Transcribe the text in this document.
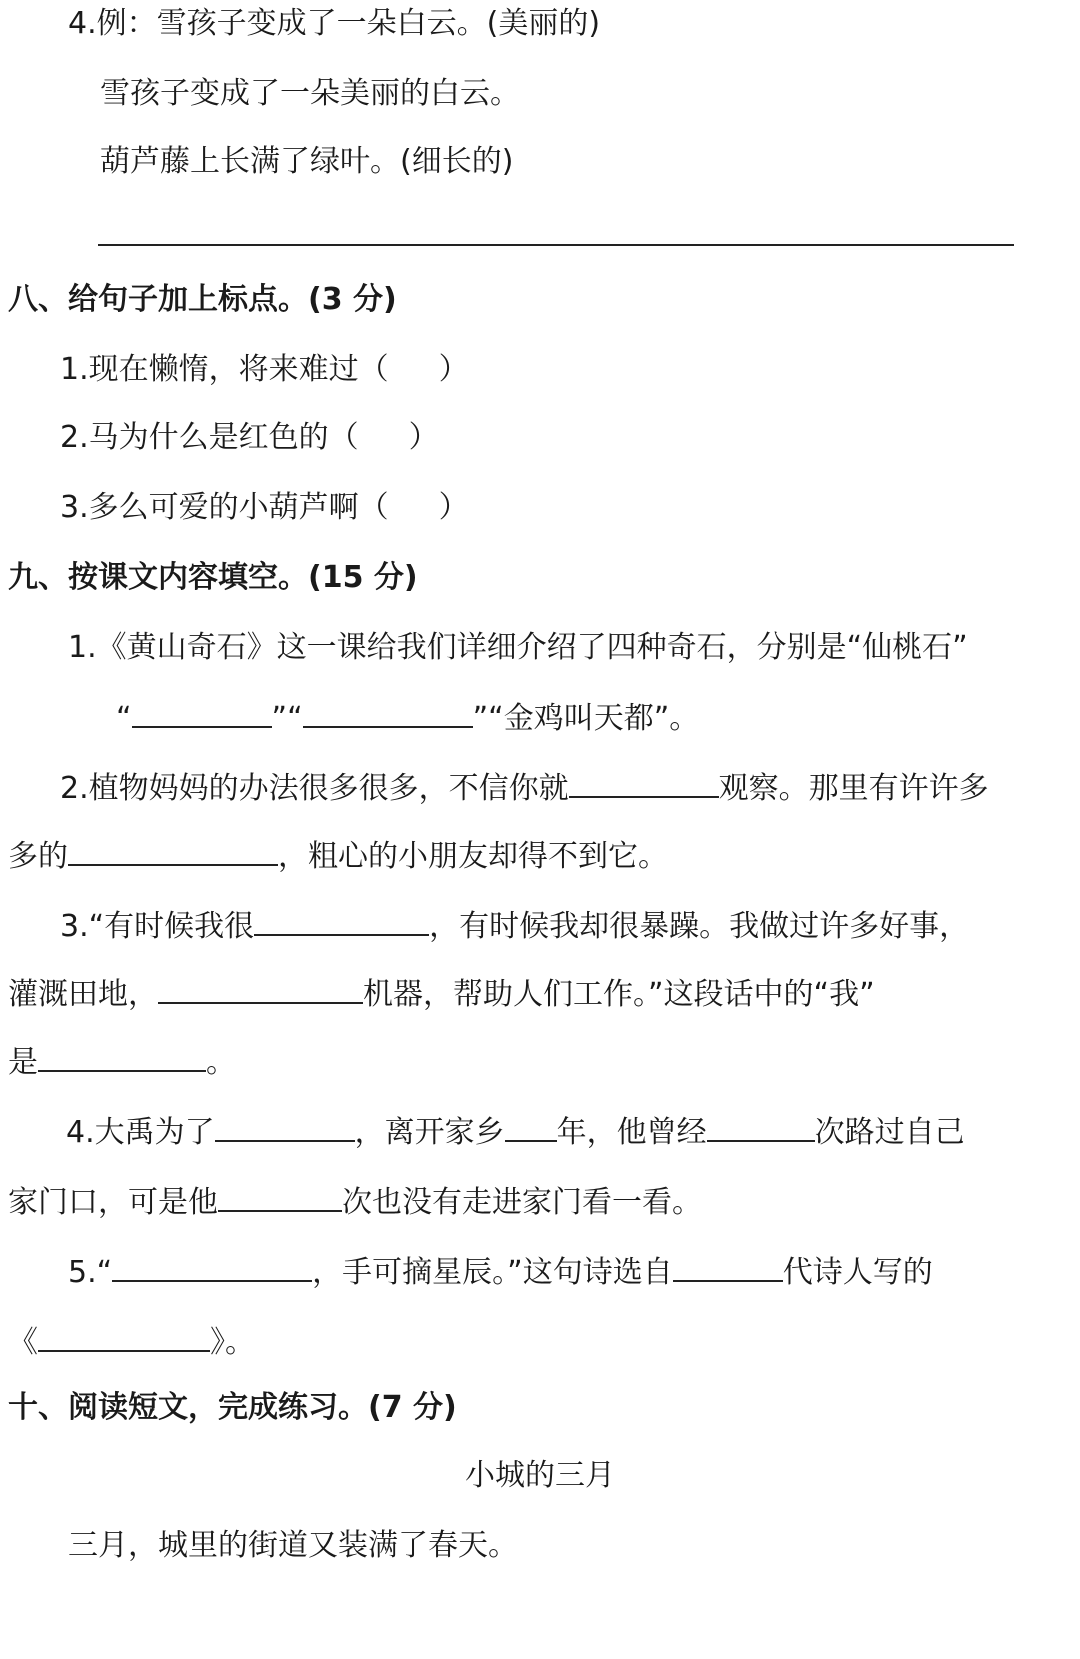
4.例：雪孩子变成了一朵白云。(美丽的)
雪孩子变成了一朵美丽的白云。
葫芦藤上长满了绿叶。(细长的)
八、给句子加上标点。(3 分)
1.现在懒惰，将来难过（ ）
2.马为什么是红色的（ ）
3.多么可爱的小葫芦啊（ ）
九、按课文内容填空。(15 分)
1.《黄山奇石》这一课给我们详细介绍了四种奇石，分别是“仙桃石”
“	”“	”“金鸡叫天都”。
2.植物妈妈的办法很多很多，不信你就	观察。那里有许许多
多的	，粗心的小朋友却得不到它。
3.“有时候我很	，有时候我却很暴躁。我做过许多好事，
灌溉田地，	机器，帮助人们工作。”这段话中的“我”
是	。
4.大禹为了	，离开家乡 年，他曾经	次路过自己
家门口，可是他	次也没有走进家门看一看。
5.“	，手可摘星辰。”这句诗选自	代诗人写的
《	》。
十、阅读短文，完成练习。(7 分)
小城的三月
三月，城里的街道又装满了春天。
